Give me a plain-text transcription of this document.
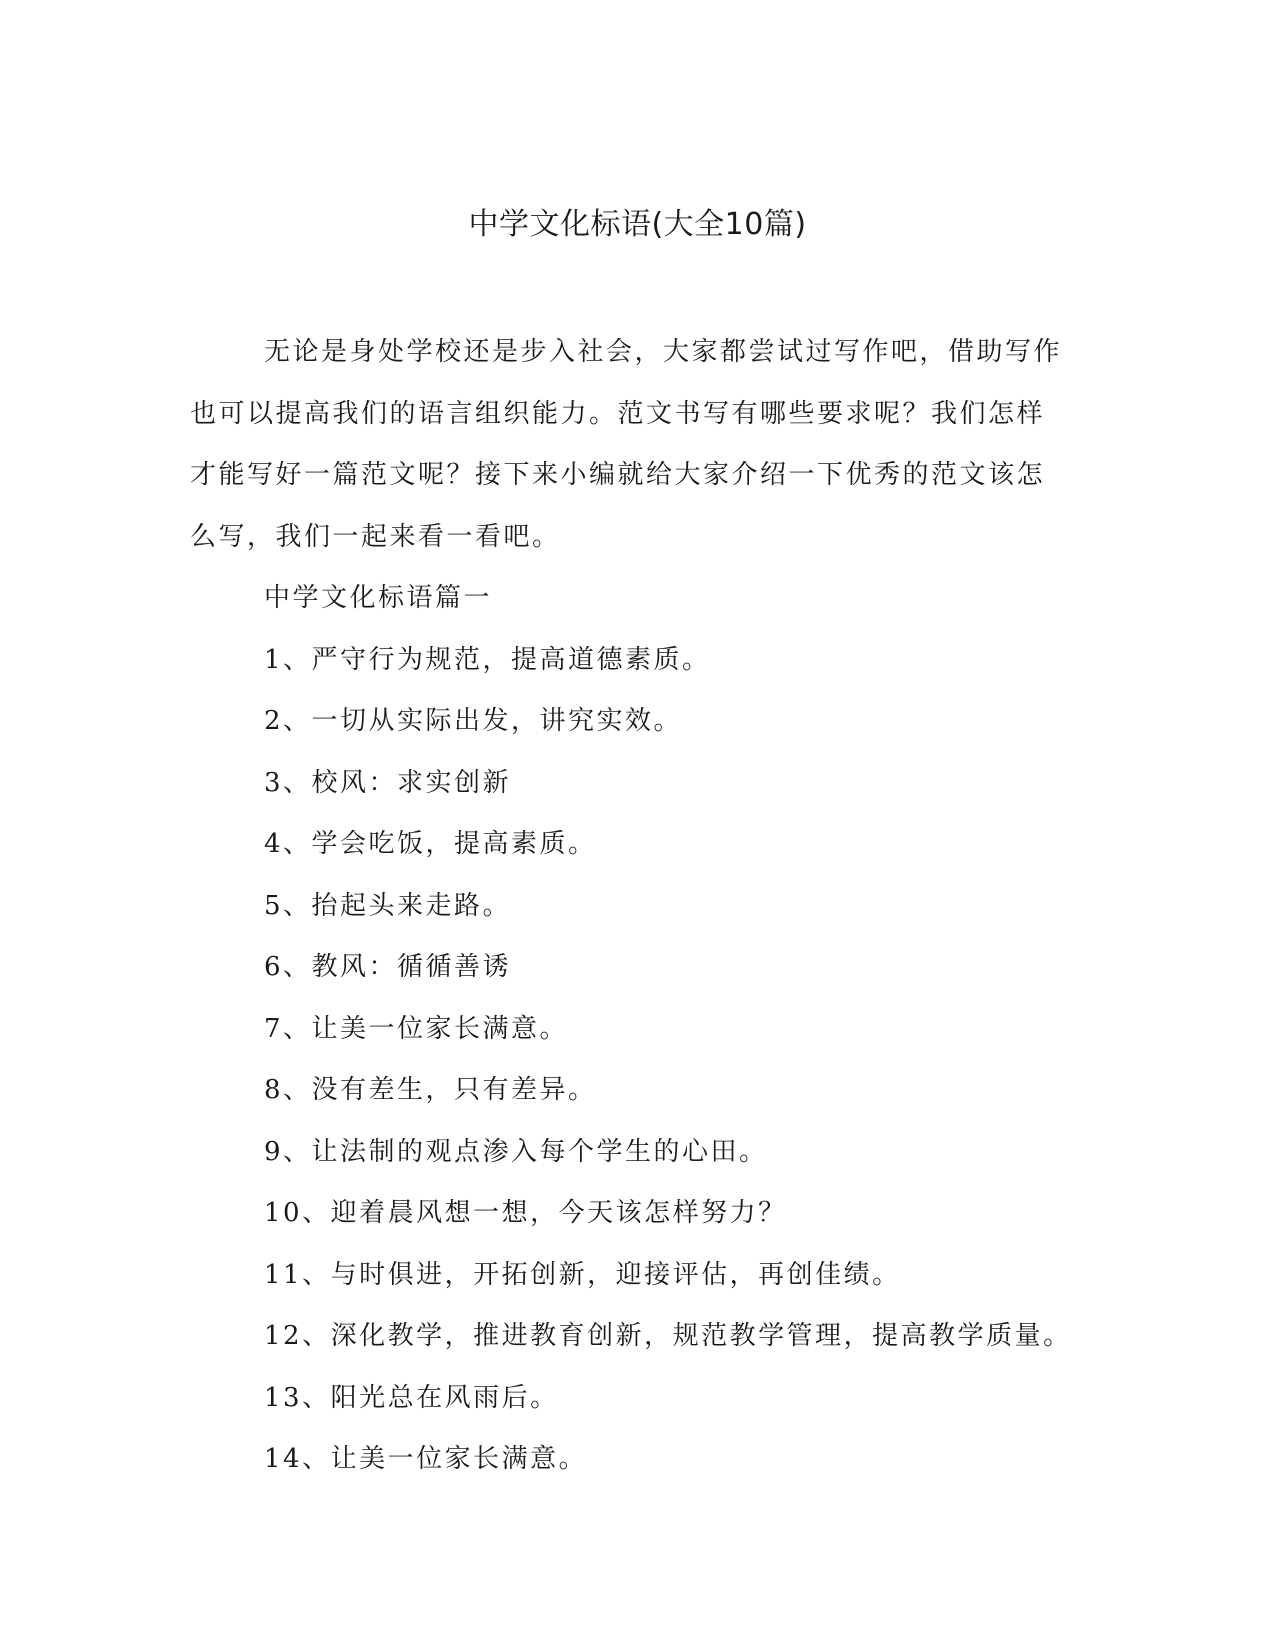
中学文化标语(大全10篇)

无论是身处学校还是步入社会，大家都尝试过写作吧，借助写作也可以提高我们的语言组织能力。范文书写有哪些要求呢？我们怎样才能写好一篇范文呢？接下来小编就给大家介绍一下优秀的范文该怎么写，我们一起来看一看吧。

中学文化标语篇一

1、严守行为规范，提高道德素质。
2、一切从实际出发，讲究实效。
3、校风：求实创新
4、学会吃饭，提高素质。
5、抬起头来走路。
6、教风：循循善诱
7、让美一位家长满意。
8、没有差生，只有差异。
9、让法制的观点渗入每个学生的心田。
10、迎着晨风想一想，今天该怎样努力？
11、与时俱进，开拓创新，迎接评估，再创佳绩。
12、深化教学，推进教育创新，规范教学管理，提高教学质量。
13、阳光总在风雨后。
14、让美一位家长满意。
